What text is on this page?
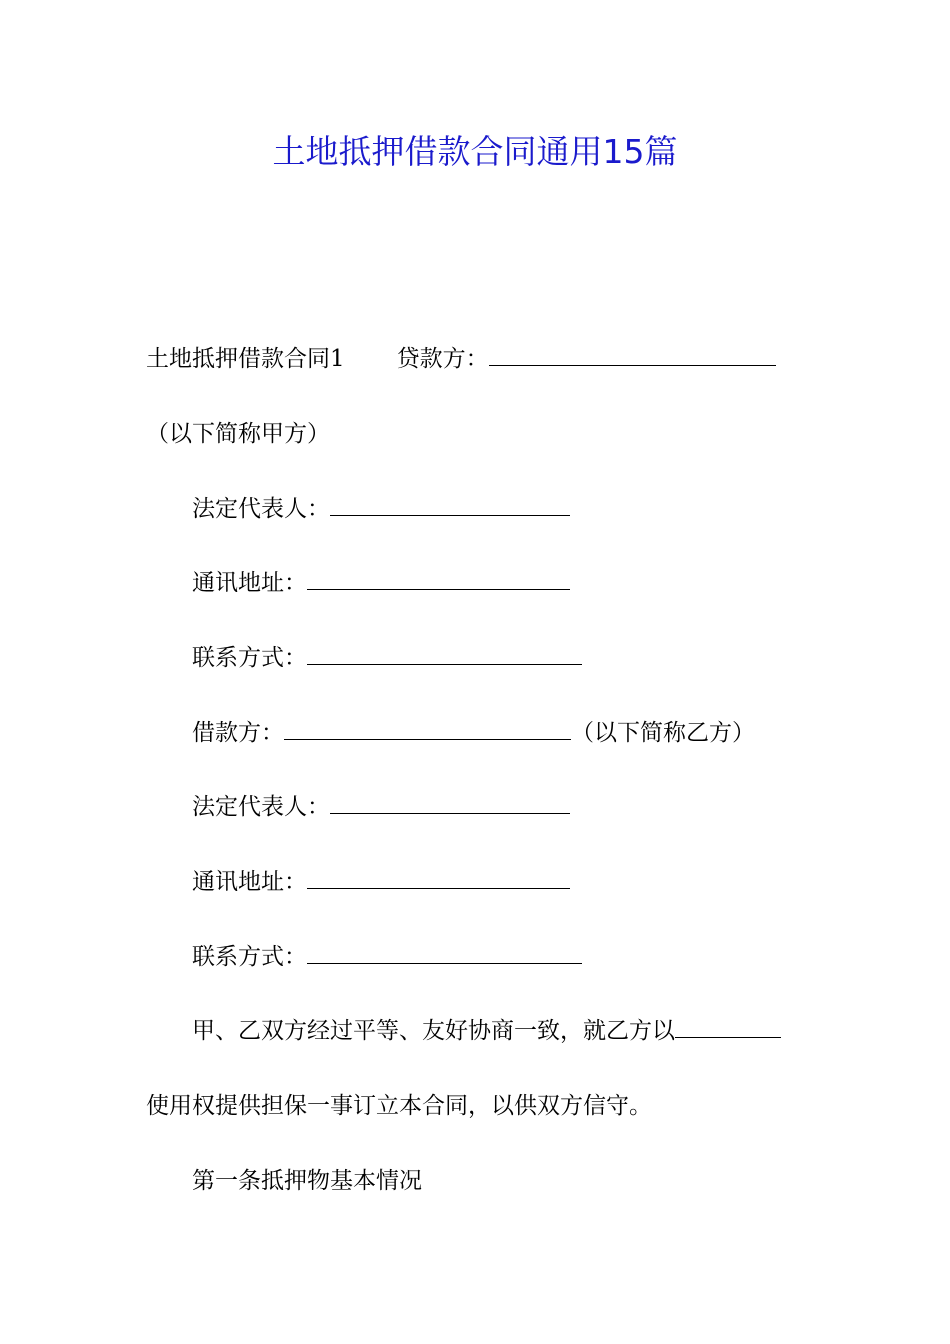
土地抵押借款合同通用15篇
土地抵押借款合同1 贷款方：
（以下简称甲方）
法定代表人：
通讯地址：
联系方式：
借款方：	（以下简称乙方）
法定代表人：
通讯地址：
联系方式：
甲、乙双方经过平等、友好协商一致，就乙方以
使用权提供担保一事订立本合同，以供双方信守。
第一条抵押物基本情况
